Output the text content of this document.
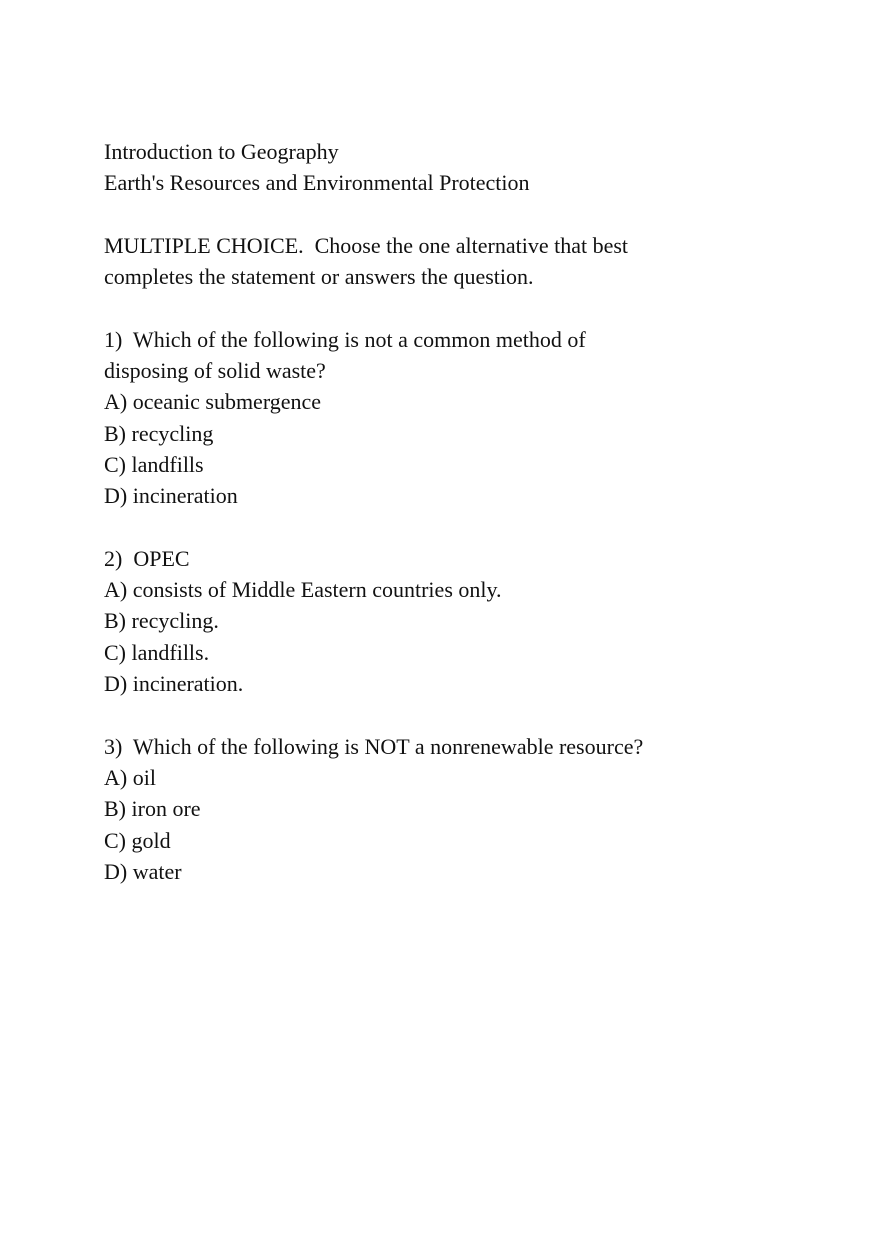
Introduction to Geography
Earth's Resources and Environmental Protection
MULTIPLE CHOICE.  Choose the one alternative that best
completes the statement or answers the question.
1)  Which of the following is not a common method of
disposing of solid waste?
A) oceanic submergence
B) recycling
C) landfills
D) incineration
2)  OPEC
A) consists of Middle Eastern countries only.
B) recycling.
C) landfills.
D) incineration.
3)  Which of the following is NOT a nonrenewable resource?
A) oil
B) iron ore
C) gold
D) water
